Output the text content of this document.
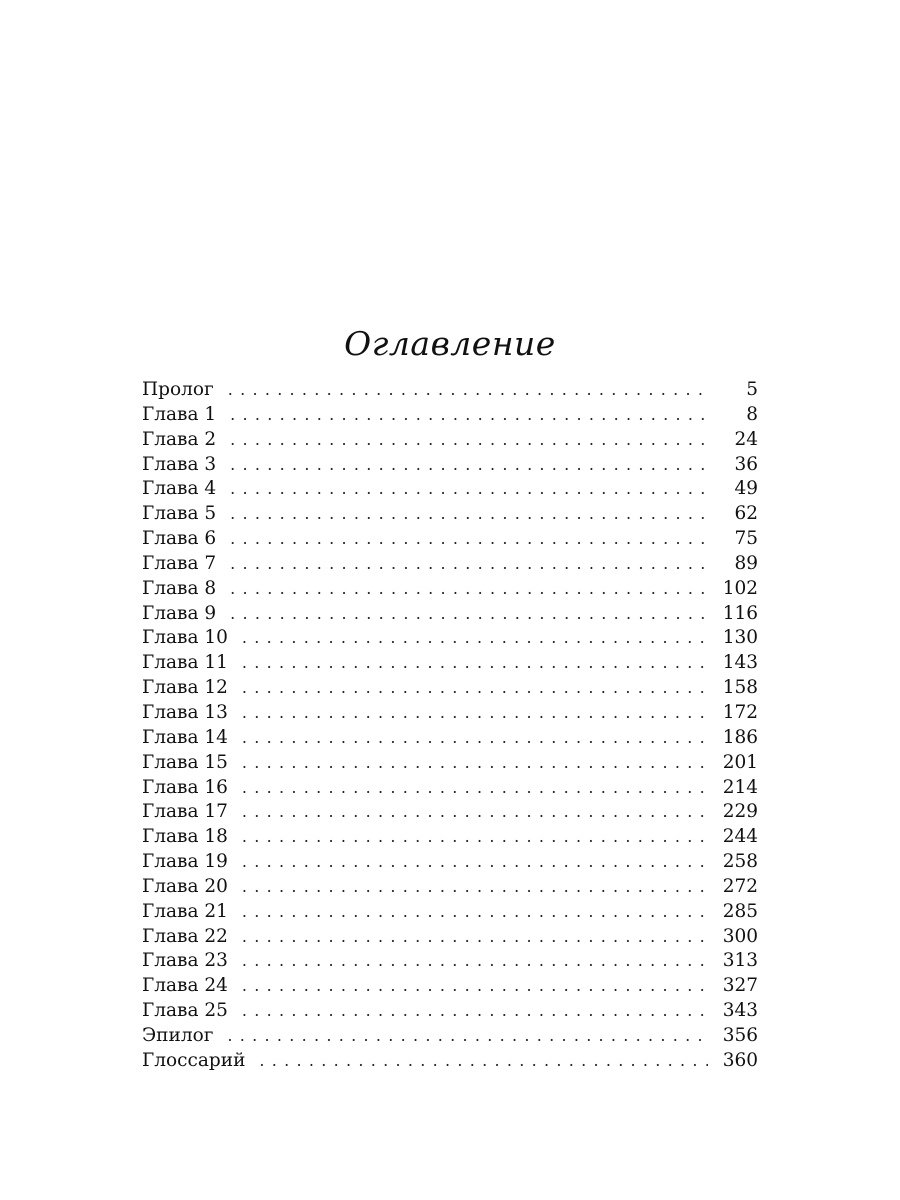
Оглавление
Пролог . . .	5
Глава 1 . . .	8
Глава 2 . . .	24
Глава 3 . . .	36
Глава 4 . . .	49
Глава 5 . . .	62
Глава 6 . . .	75
Глава 7 . . .	89
Глава 8 . . .	102
Глава 9 . . .	116
Глава 10 . . .	130
Глава 11 . . .	143
Глава 12 . . .	158
Глава 13 . . .	172
Глава 14 . . .	186
Глава 15 . . .	201
Глава 16 . . .	214
Глава 17 . . .	229
Глава 18 . . .	244
Глава 19 . . .	258
Глава 20 . . .	272
Глава 21 . . .	285
Глава 22 . . .	300
Глава 23 . . .	313
Глава 24 . . .	327
Глава 25 . . .	343
Эпилог . . .	356
Глоссарий . . .	360
